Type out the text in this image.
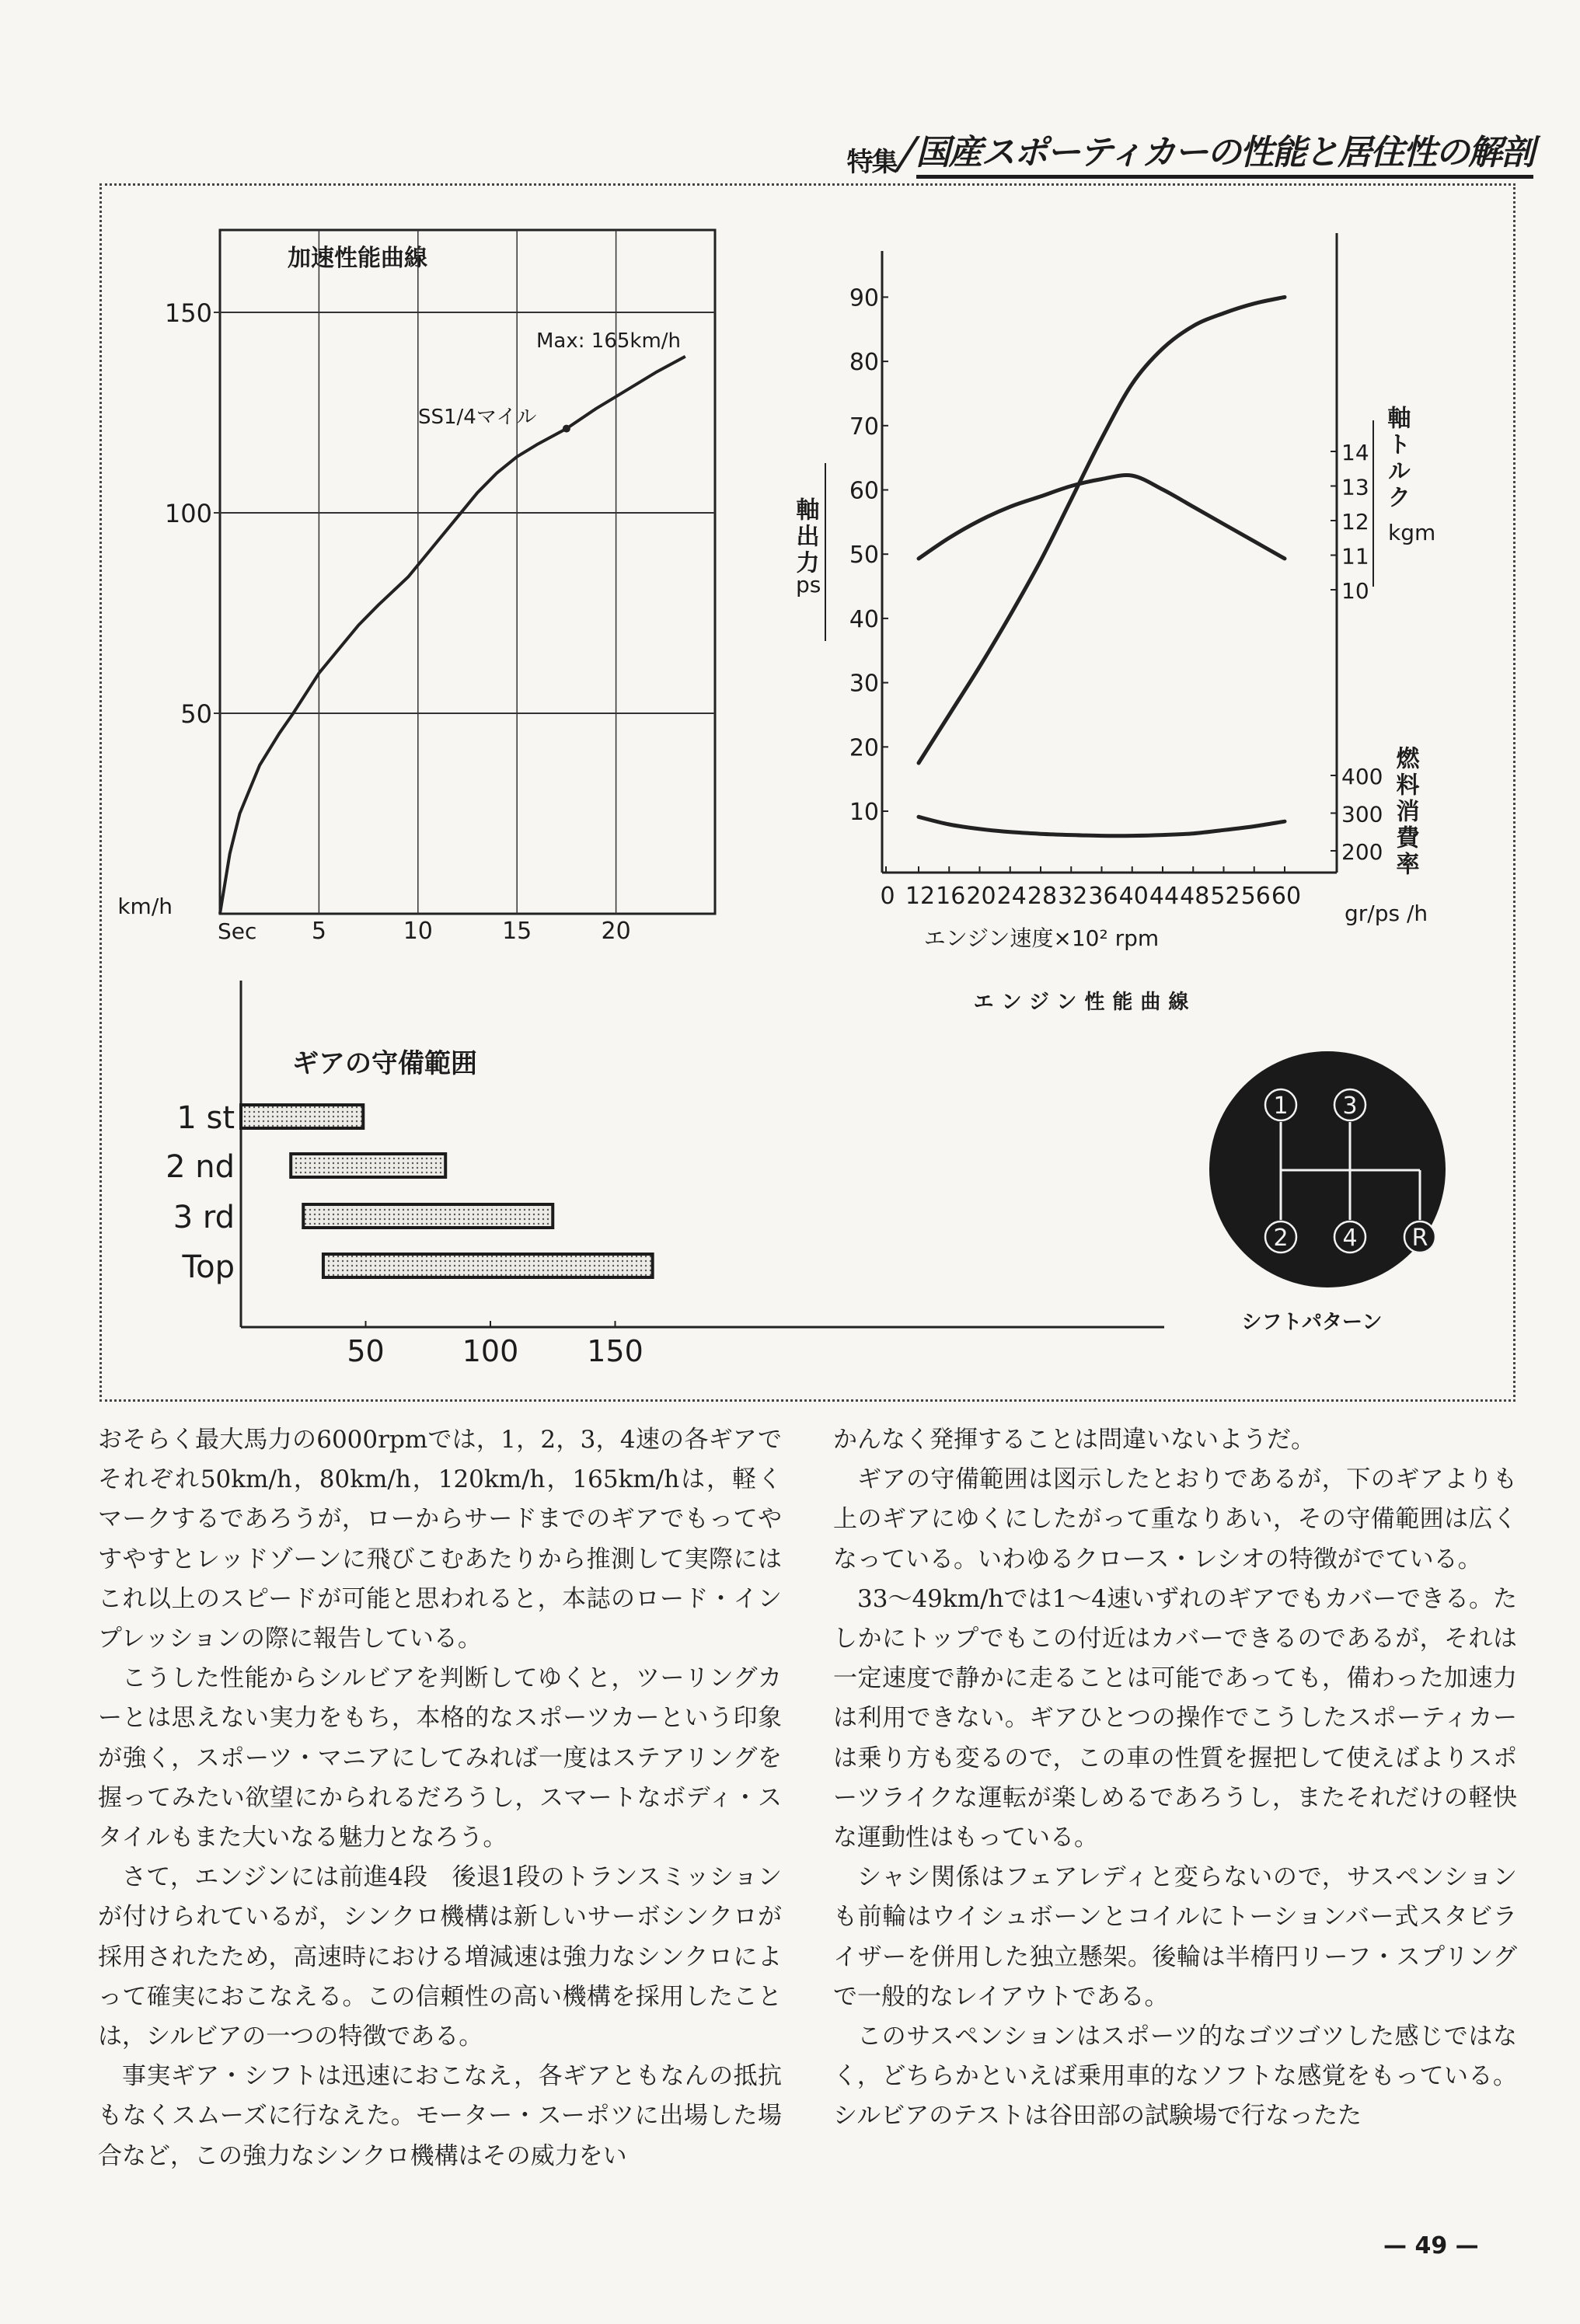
特集
/
国産スポーティカーの性能と居住性の解剖
加速性能曲線
km/h
Sec
Max: 165km/h
SS1/4マイル
5	10	15	20
50
100
150
エンジン速度×10² rpm
エンジン性能曲線
ps
kgm
gr/ps /h
0 12 16 20 24 28 32 36 40 44 48 52 56 60
10
20
30
40
50
60
70
80
90
軸出力
10
11
12
13
14 軸トルク
200
300
400 燃料消費率
ギアの守備範囲
50	100 150
1 st
2 nd
3 rd
Top
シフトパターン
1 3
2 4 R

おそらく最大馬力の6000rpmでは，1，2，3，4速の各ギアでそれぞれ50km/h，80km/h，120km/h，165km/hは，軽くマークするであろうが，ローからサードまでのギアでもってやすやすとレッドゾーンに飛びこむあたりから推測して実際にはこれ以上のスピードが可能と思われると，本誌のロード・インプレッションの際に報告している。

こうした性能からシルビアを判断してゆくと，ツーリングカーとは思えない実力をもち，本格的なスポーツカーという印象が強く，スポーツ・マニアにしてみれば一度はステアリングを握ってみたい欲望にかられるだろうし，スマートなボディ・スタイルもまた大いなる魅力となろう。

さて，エンジンには前進4段　後退1段のトランスミッションが付けられているが，シンクロ機構は新しいサーボシンクロが採用されたため，高速時における増減速は強力なシンクロによって確実におこなえる。この信頼性の高い機構を採用したことは，シルビアの一つの特徴である。

事実ギア・シフトは迅速におこなえ，各ギアともなんの抵抗もなくスムーズに行なえた。モーター・スーポツに出場した場合など，この強力なシンクロ機構はその威力をい

かんなく発揮することは問違いないようだ。

ギアの守備範囲は図示したとおりであるが，下のギアよりも上のギアにゆくにしたがって重なりあい，その守備範囲は広くなっている。いわゆるクロース・レシオの特徴がでている。

33〜49km/hでは1〜4速いずれのギアでもカバーできる。たしかにトップでもこの付近はカバーできるのであるが，それは一定速度で静かに走ることは可能であっても，備わった加速力は利用できない。ギアひとつの操作でこうしたスポーティカーは乗り方も変るので，この車の性質を握把して使えばよりスポーツライクな運転が楽しめるであろうし，またそれだけの軽快な運動性はもっている。

シャシ関係はフェアレディと変らないので，サスペンションも前輪はウイシュボーンとコイルにトーションバー式スタビライザーを併用した独立懸架。後輪は半楕円リーフ・スプリングで一般的なレイアウトである。

このサスペンションはスポーツ的なゴツゴツした感じではなく，どちらかといえば乗用車的なソフトな感覚をもっている。シルビアのテストは谷田部の試験場で行なったた

— 49 —
